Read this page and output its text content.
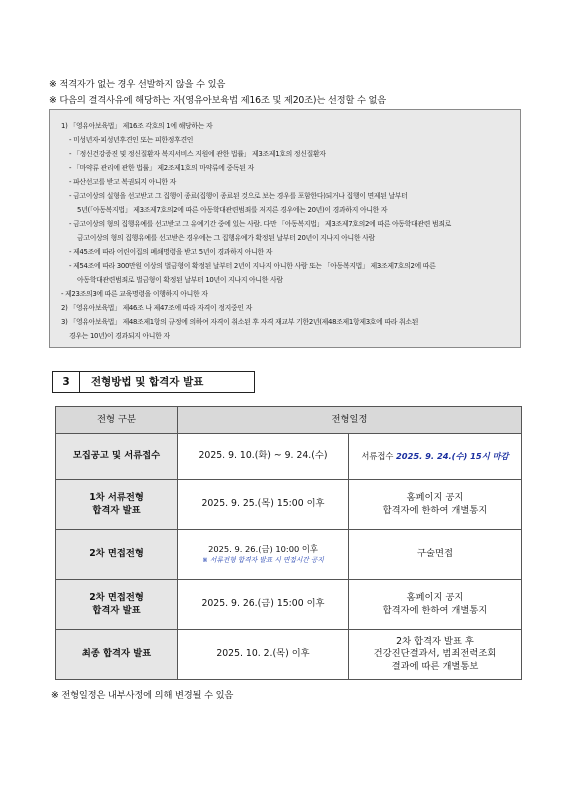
※ 적격자가 없는 경우 선발하지 않을 수 있음
※ 다음의 결격사유에 해당하는 자(영유아보육법 제16조 및 제20조)는 선정할 수 없음
1) 「영유아보육법」 제16조 각호의 1에 해당하는 자
- 미성년자·피성년후견인 또는 피한정후견인
- 「정신건강증진 및 정신질환자 복지서비스 지원에 관한 법률」 제3조제1호의 정신질환자
- 「마약류 관리에 관한 법률」 제2조제1호의 마약류에 중독된 자
- 파산선고를 받고 복권되지 아니한 자
- 금고이상의 실형을 선고받고 그 집행이 종료(집행이 종료된 것으로 보는 경우를 포함한다)되거나 집행이 면제된 날부터
5년(「아동복지법」 제3조제7호의2에 따른 아동학대관련범죄를 저지른 경우에는 20년)이 경과하지 아니한 자
- 금고이상의 형의 집행유예를 선고받고 그 유예기간 중에 있는 사람. 다만 「아동복지법」 제3조제7호의2에 따른 아동학대관련 범죄로
금고이상의 형의 집행유예를 선고받은 경우에는 그 집행유예가 확정된 날부터 20년이 지나지 아니한 사람
- 제45조에 따라 어린이집의 폐쇄명령을 받고 5년이 경과하지 아니한 자
- 제54조에 따라 300만원 이상의 벌금형이 확정된 날부터 2년이 지나지 아니한 사람 또는 「아동복지법」 제3조제7호의2에 따른
아동학대관련범죄로 벌금형이 확정된 날부터 10년이 지나지 아니한 사람
- 제23조의3에 따른 교육명령을 이행하지 아니한 자
2) 「영유아보육법」 제46조 나 제47조에 따라 자격이 정지중인 자
3) 「영유아보육법」 제48조제1항의 규정에 의하여 자격이 취소된 후 자격 재교부 기한2년(제48조제1항제3호에 따라 취소된
경우는 10년)이 경과되지 아니한 자
3	전형방법 및 합격자 발표
전형 구분	전형일정	
모집공고 및 서류접수	2025. 9. 10.(화) ~ 9. 24.(수)	서류접수 2025. 9. 24.(수) 15시 마감

1차 서류전형
합격자 발표	2025. 9. 25.(목) 15:00 이후	홈페이지 공지
합격자에 한하여 개별통지

2차 면접전형	2025. 9. 26.(금) 10:00 이후
※ 서류전형 합격자 발표 시 면접시간 공지	구술면접

2차 면접전형
합격자 발표	2025. 9. 26.(금) 15:00 이후	홈페이지 공지
합격자에 한하여 개별통지

최종 합격자 발표	2025. 10. 2.(목) 이후	2차 합격자 발표 후
건강진단결과서, 범죄전력조회
결과에 따른 개별통보
※ 전형일정은 내부사정에 의해 변경될 수 있음
